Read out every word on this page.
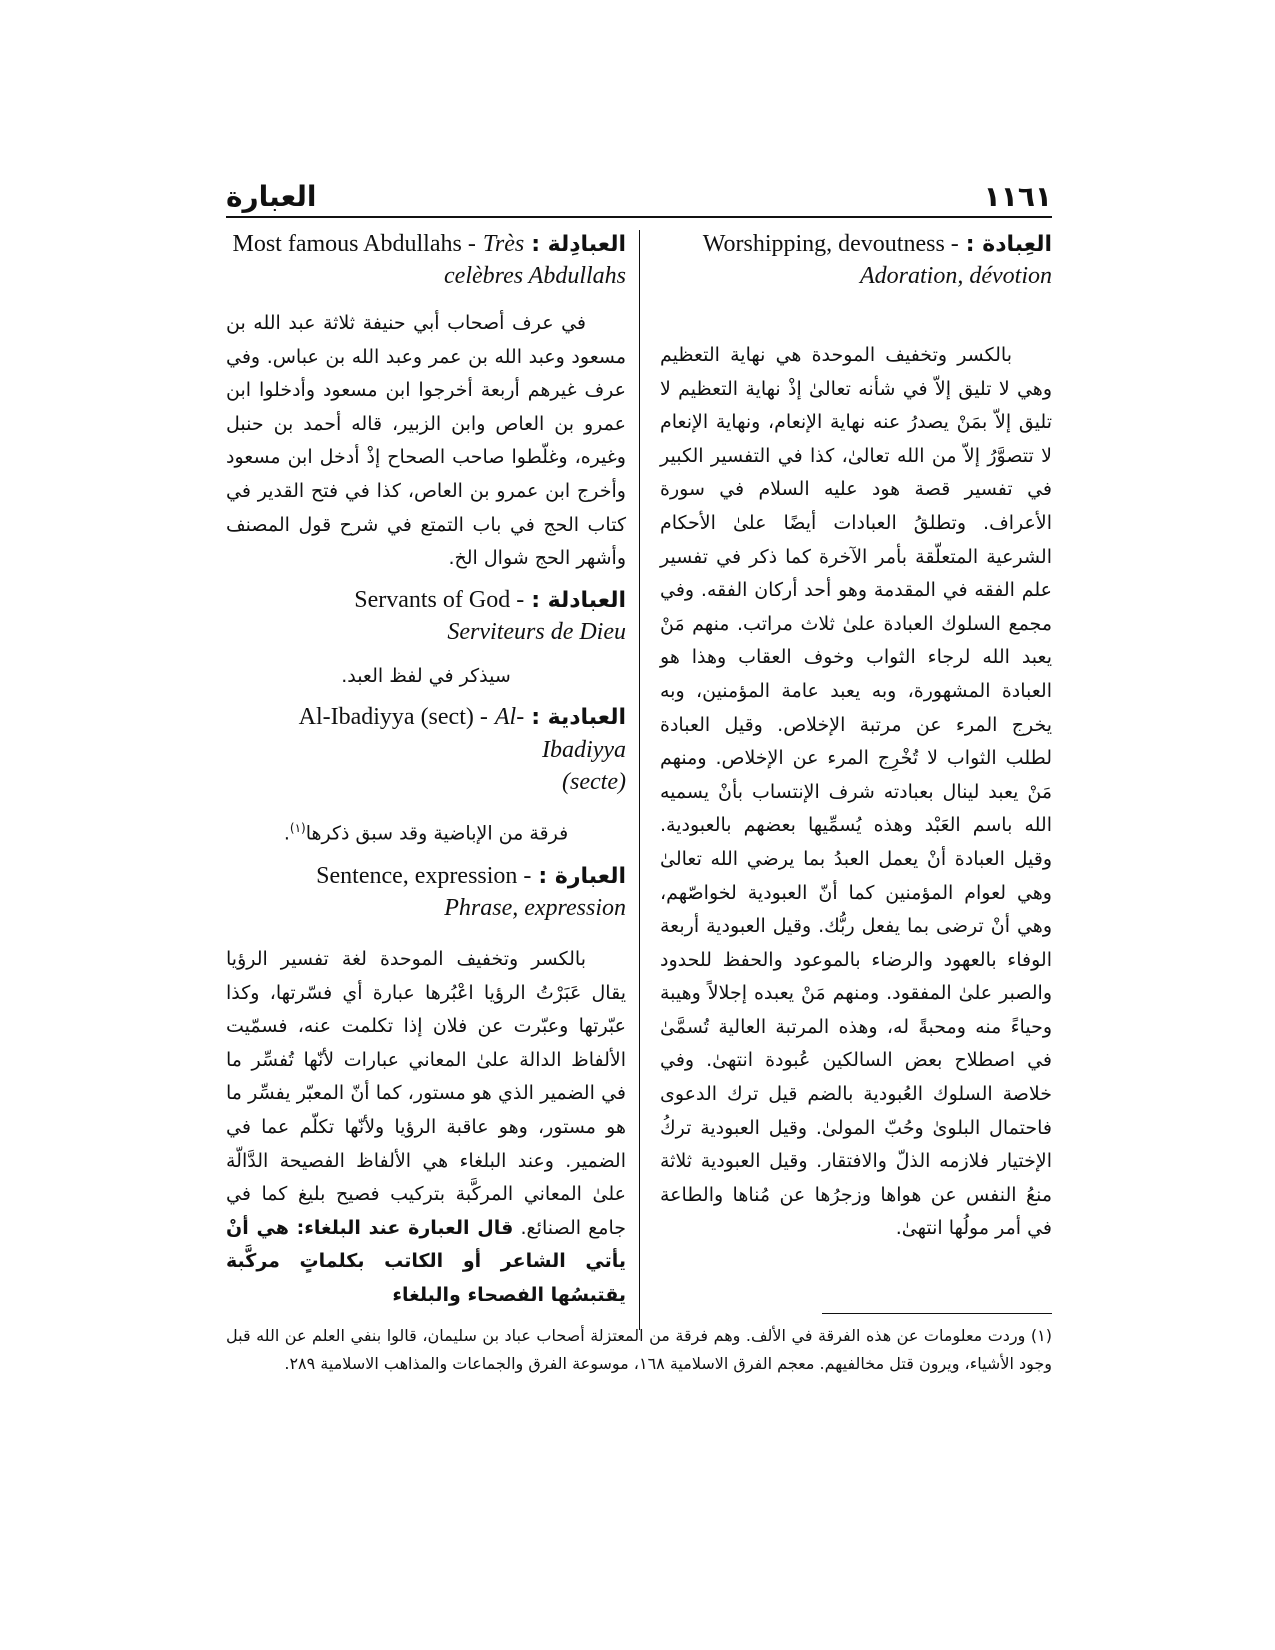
العبارة	١١٦١
العِبادة : Worshipping, devoutness -
Adoration, dévotion

بالكسر وتخفيف الموحدة هي نهاية التعظيم وهي لا تليق إلاّ في شأنه تعالىٰ إذْ نهاية التعظيم لا تليق إلاّ بمَنْ يصدرُ عنه نهاية الإنعام، ونهاية الإنعام لا تتصوَّرُ إلاّ من الله تعالىٰ، كذا في التفسير الكبير في تفسير قصة هود عليه السلام في سورة الأعراف. وتطلقُ العبادات أيضًا علىٰ الأحكام الشرعية المتعلّقة بأمر الآخرة كما ذكر في تفسير علم الفقه في المقدمة وهو أحد أركان الفقه. وفي مجمع السلوك العبادة علىٰ ثلاث مراتب. منهم مَنْ يعبد الله لرجاء الثواب وخوف العقاب وهذا هو العبادة المشهورة، وبه يعبد عامة المؤمنين، وبه يخرج المرء عن مرتبة الإخلاص. وقيل العبادة لطلب الثواب لا تُخْرِج المرء عن الإخلاص. ومنهم مَنْ يعبد لينال بعبادته شرف الإنتساب بأنْ يسميه الله باسم العَبْد وهذه يُسمِّيها بعضهم بالعبودية. وقيل العبادة أنْ يعمل العبدُ بما يرضي الله تعالىٰ وهي لعوام المؤمنين كما أنّ العبودية لخواصّهم، وهي أنْ ترضى بما يفعل ربُّك. وقيل العبودية أربعة الوفاء بالعهود والرضاء بالموعود والحفظ للحدود والصبر علىٰ المفقود. ومنهم مَنْ يعبده إجلالاً وهيبة وحياءً منه ومحبةً له، وهذه المرتبة العالية تُسمَّىٰ في اصطلاح بعض السالكين عُبودة انتهىٰ. وفي خلاصة السلوك العُبودية بالضم قيل ترك الدعوى فاحتمال البلوىٰ وحُبّ المولىٰ. وقيل العبودية تركُ الإختيار فلازمه الذلّ والافتقار. وقيل العبودية ثلاثة منعُ النفس عن هواها وزجرُها عن مُناها والطاعة في أمر مولُها انتهىٰ.

العبادِلة : Most famous Abdullahs - Très
celèbres Abdullahs

في عرف أصحاب أبي حنيفة ثلاثة عبد الله بن مسعود وعبد الله بن عمر وعبد الله بن عباس. وفي عرف غيرهم أربعة أخرجوا ابن مسعود وأدخلوا ابن عمرو بن العاص وابن الزبير، قاله أحمد بن حنبل وغيره، وغلّطوا صاحب الصحاح إذْ أدخل ابن مسعود وأخرج ابن عمرو بن العاص، كذا في فتح القدير في كتاب الحج في باب التمتع في شرح قول المصنف وأشهر الحج شوال الخ.

العبادلة : Servants of God -
Serviteurs de Dieu

سيذكر في لفظ العبد.

العبادية : Al-Ibadiyya (sect) - Al-Ibadiyya
(secte)

فرقة من الإباضية وقد سبق ذكرها$^{(١)}$.

العبارة : Sentence, expression -
Phrase, expression

بالكسر وتخفيف الموحدة لغة تفسير الرؤيا يقال عَبَرْتُ الرؤيا اعْبُرها عبارة أي فسّرتها، وكذا عبّرتها وعبّرت عن فلان إذا تكلمت عنه، فسمّيت الألفاظ الدالة علىٰ المعاني عبارات لأنّها تُفسِّر ما في الضمير الذي هو مستور، كما أنّ المعبّر يفسِّر ما هو مستور، وهو عاقبة الرؤيا ولأنّها تكلّم عما في الضمير. وعند البلغاء هي الألفاظ الفصيحة الدَّالّة علىٰ المعاني المركَّبة بتركيب فصيح بليغ كما في جامع الصنائع. قال العبارة عند البلغاء: هي أنْ يأتي الشاعر أو الكاتب بكلماتٍ مركَّبة يقتبسُها الفصحاء والبلغاء

(١) وردت معلومات عن هذه الفرقة في الألف. وهم فرقة من المعتزلة أصحاب عباد بن سليمان، قالوا بنفي العلم عن الله قبل وجود الأشياء، ويرون قتل مخالفيهم. معجم الفرق الاسلامية ١٦٨، موسوعة الفرق والجماعات والمذاهب الاسلامية ٢٨٩.
